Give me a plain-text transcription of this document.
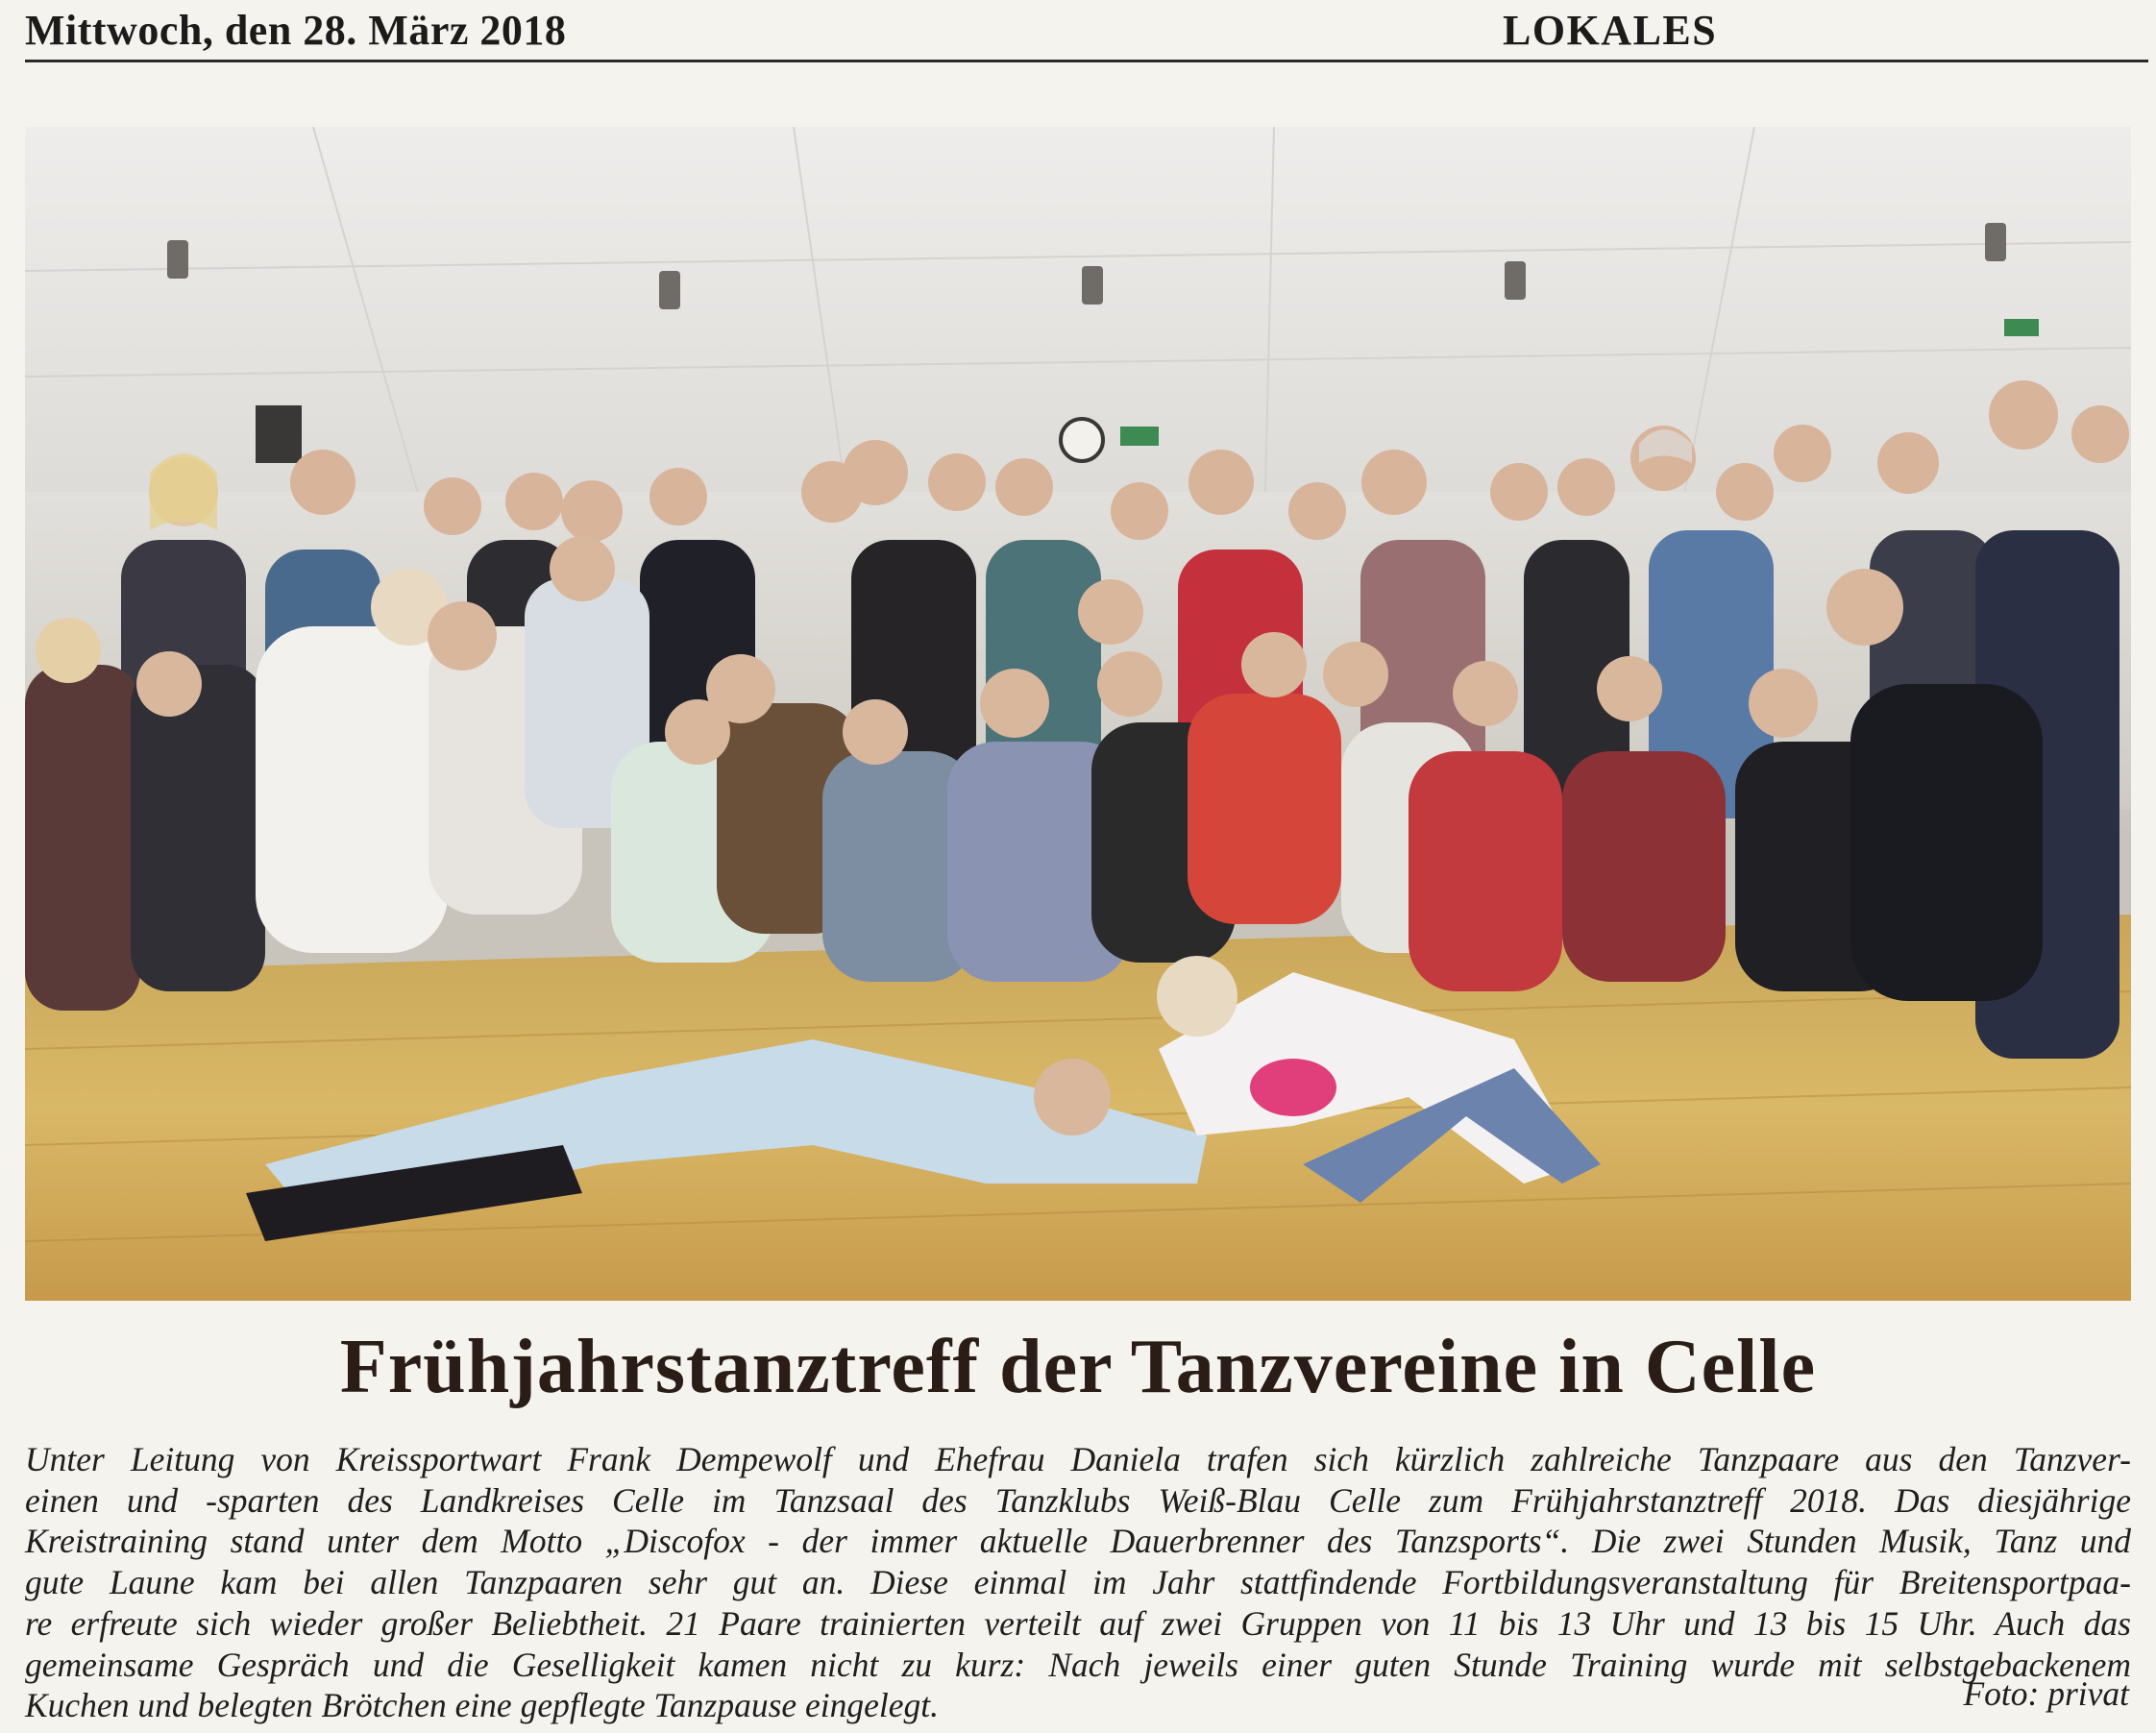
Mittwoch, den 28. März 2018	LOKALES
Frühjahrstanztreff der Tanzvereine in Celle
Unter Leitung von Kreissportwart Frank Dempewolf und Ehefrau Daniela trafen sich kürzlich zahlreiche Tanzpaare aus den Tanzver-
einen und -sparten des Landkreises Celle im Tanzsaal des Tanzklubs Weiß-Blau Celle zum Frühjahrstanztreff 2018. Das diesjährige
Kreistraining stand unter dem Motto „Discofox - der immer aktuelle Dauerbrenner des Tanzsports“. Die zwei Stunden Musik, Tanz und
gute Laune kam bei allen Tanzpaaren sehr gut an. Diese einmal im Jahr stattfindende Fortbildungsveranstaltung für Breitensportpaa-
re erfreute sich wieder großer Beliebtheit. 21 Paare trainierten verteilt auf zwei Gruppen von 11 bis 13 Uhr und 13 bis 15 Uhr. Auch das
gemeinsame Gespräch und die Geselligkeit kamen nicht zu kurz: Nach jeweils einer guten Stunde Training wurde mit selbstgebackenem
Kuchen und belegten Brötchen eine gepflegte Tanzpause eingelegt.	Foto: privat
